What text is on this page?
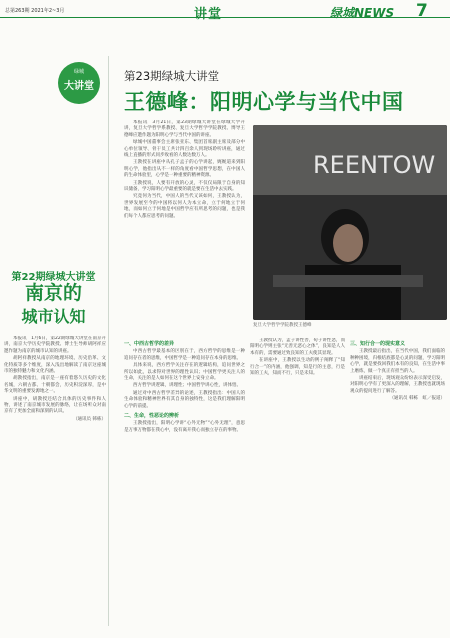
总第263期 2021年2~3月	讲堂	绿城NEWS 7
绿城
大讲堂
第23期绿城大讲堂
王德峰：阳明心学与当代中国

本报讯　3月21日，第23期绿城大讲堂在绿城大学开讲，复旦大学哲学系教授、复旦大学哲学学院教授、博导王德峰应邀作题为阳明心学与当代中国的讲座。

绿城中国董事会主席张亚东、集团首席副主席及部分中心单位领导、骨干员工共计四百余人到现场聆听讲座，通过线上直播的形式同步收看的人数达数万人。

王教授在讲座中从孔子孟子的心学讲起，娓娓道来到阳明心学，他指出从不一样的角度看中国哲学思想，在中国人的生命体验里，心学是一种重要的精神资源。

王教授说，人要有开放的心灵，不仅仅局限于自身的知识储备，学习阳明心学最重要的就是要在生活中去实践。

究竟何为当代，中国人的当代又该如何，王教授认为，世界发展至今的中国将以何人为本立命，立于何地立于何地，而如何立于何地是中国哲学应有所思考的问题，也是我们每个人都应思考的问题。

REENTOW
复旦大学哲学学院教授王德峰
一、中西古哲学的差异

中西古哲学最基本的区别在于，西方哲学的思维是一种追问存在者的思维，中国哲学是一种追问存在本身的思维。

具体来说，西方哲学关注存在的逻辑结构，追问世界之所以如此，以求得对世界的理性认识；中国哲学更关注人的生命，关注的是人如何在这个世界上安身立命。

西方哲学讲逻辑，讲理性；中国哲学讲心性，讲体悟。

通过对中西古哲学差异的论述，王教授指出：中国人的生命体验和精神世界有其自身的独特性，这是我们理解阳明心学的前提。

二、生命，性恶论的辨析

王教授指出，阳明心学讲“心外无物”“心外无理”，意思是万事万物都在我心中，没有离开我心而独立存在的事物。

王教授认为，孟子讲性善，荀子讲性恶，而阳明心学则主张“无善无恶心之体”，良知是人人本有的，需要通过致良知的工夫使其显现。

在讲座中，王教授以生动的例子阐释了“知行合一”的内涵，他强调，知是行的主意，行是知的工夫，知而不行，只是未知。

三、知行合一的现实意义

王教授最后指出，在当代中国，我们面临的种种困境，归根结底都是心灵的问题，学习阳明心学，就是要找回我们本有的良知，在生活中事上磨炼，做一个真正有担当的人。

讲座结束后，现场观众纷纷表示深受启发，对阳明心学有了更深入的理解，王教授也就现场观众的提问进行了解答。

（通讯员 韩栋　虹／报道）

第22期绿城大讲堂
南京的
城市认知

本报讯　1月6日，第22期绿城大讲堂在南京开讲，南京大学历史学院教授、博士生导师胡阿祥应邀作题为南京的城市认知的讲座。

胡阿祥教授从南京的地理环境、历史沿革、文化特质等多个维度，深入浅出地解读了南京这座城市的独特魅力和文化内涵。

胡教授指出，南京是一座有着悠久历史的文化名城，六朝古都、十朝都会，历史积淀深厚，是中华文明的重要发源地之一。

讲座中，胡教授还结合具体的历史事件和人物，讲述了南京城市发展的脉络，让在场听众对南京有了更加全面和深刻的认识。

（通讯员 韩栋）
